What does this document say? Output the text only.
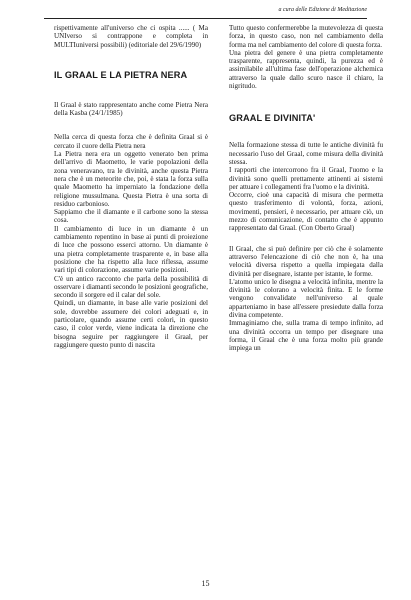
a cura delle Edizione di Meditazione

rispettivamente all'universo che ci ospita ...... ( Ma UNIverso si contrappone e completa in MULTIuniversi possibili) (editoriale del 29/6/1990)

IL GRAAL E LA PIETRA NERA

Il Graal è stato rappresentato anche come Pietra Nera della Kasba (24/1/1985)

Nella cerca di questa forza che è definita Graal si è cercato il cuore della Pietra nera

La Pietra nera era un oggetto venerato ben prima dell'arrivo di Maometto, le varie popolazioni della zona veneravano, tra le divinità, anche questa Pietra nera che è un meteorite che, poi, è stata la forza sulla quale Maometto ha imperniato la fondazione della religione mussulmana. Questa Pietra è una sorta di residuo carbonioso.

Sappiamo che il diamante e il carbone sono la stessa cosa.

Il cambiamento di luce in un diamante è un cambiamento repentino in base ai punti di proiezione di luce che possono esserci attorno. Un diamante è una pietra completamente trasparente e, in base alla posizione che ha rispetto alla luce riflessa, assume vari tipi di colorazione, assume varie posizioni.

C'è un antico racconto che parla della possibilità di osservare i diamanti secondo le posizioni geografiche, secondo il sorgere ed il calar del sole.

Quindi, un diamante, in base alle varie posizioni del sole, dovrebbe assumere dei colori adeguati e, in particolare, quando assume certi colori, in questo caso, il color verde, viene indicata la direzione che bisogna seguire per raggiungere il Graal, per raggiungere questo punto di nascita

Tutto questo confermerebbe la mutevolezza di questa forza, in questo caso, non nel cambiamento della forma ma nel cambiamento del colore di questa forza.

Una pietra del genere è una pietra completamente trasparente, rappresenta, quindi, la purezza ed è assimilabile all'ultima fase dell'operazione alchemica attraverso la quale dallo scuro nasce il chiaro, la nigritudo.

GRAAL E DIVINITA'

Nella formazione stessa di tutte le antiche divinità fu necessario l'uso del Graal, come misura della divinità stessa.

I rapporti che intercorrono fra il Graal, l'uomo e la divinità sono quelli prettamente attinenti ai sistemi per attuare i collegamenti fra l'uomo e la divinità.

Occorre, cioè una capacità di misura che permetta questo trasferimento di volontà, forza, azioni, movimenti, pensieri, è necessario, per attuare ciò, un mezzo di comunicazione, di contatto che è appunto rappresentato dal Graal. (Con Oberto Graal)

Il Graal, che si può definire per ciò che è solamente attraverso l'elencazione di ciò che non è, ha una velocità diversa rispetto a quella impiegata dalla divinità per disegnare, istante per istante, le forme.

L'atomo unico le disegna a velocità infinita, mentre la divinità le colorano a velocità finita. E le forme vengono convalidate nell'universo al quale apparteniamo in base all'essere presiedute dalla forza divina competente.

Immaginiamo che, sulla trama di tempo infinito, ad una divinità occorra un tempo per disegnare una forma, il Graal che è una forza molto più grande impiega un

15
